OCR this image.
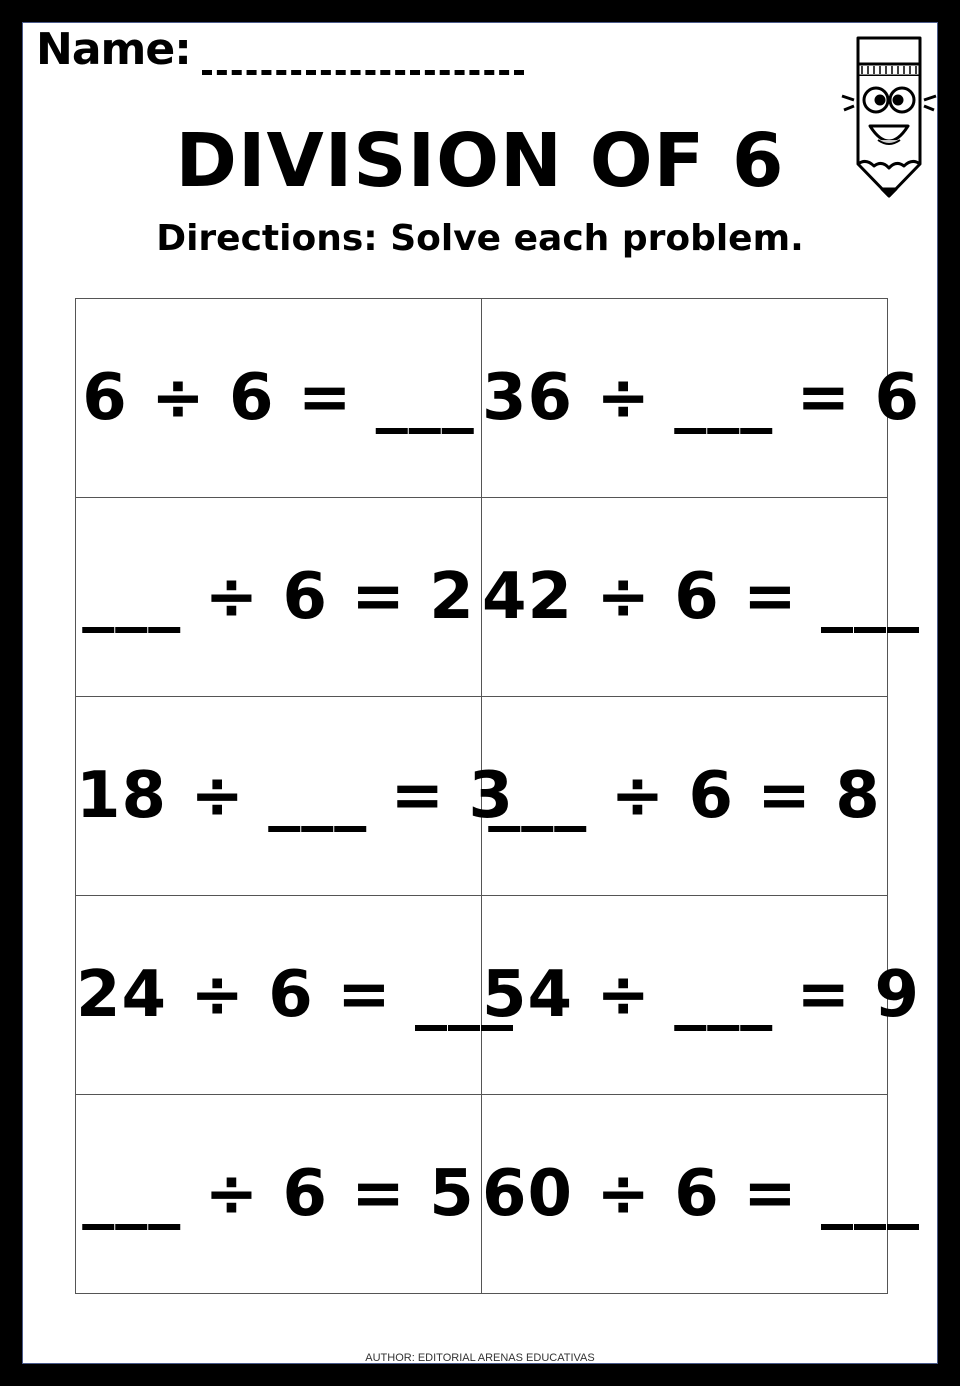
Name:
DIVISION OF 6
Directions: Solve each problem.
6 ÷ 6 = ___	36 ÷ ___ = 6
___ ÷ 6 = 2	42 ÷ 6 = ___
18 ÷ ___ = 3	___ ÷ 6 = 8
24 ÷ 6 = ___	54 ÷ ___ = 9
___ ÷ 6 = 5	60 ÷ 6 = ___
AUTHOR: EDITORIAL ARENAS EDUCATIVAS
